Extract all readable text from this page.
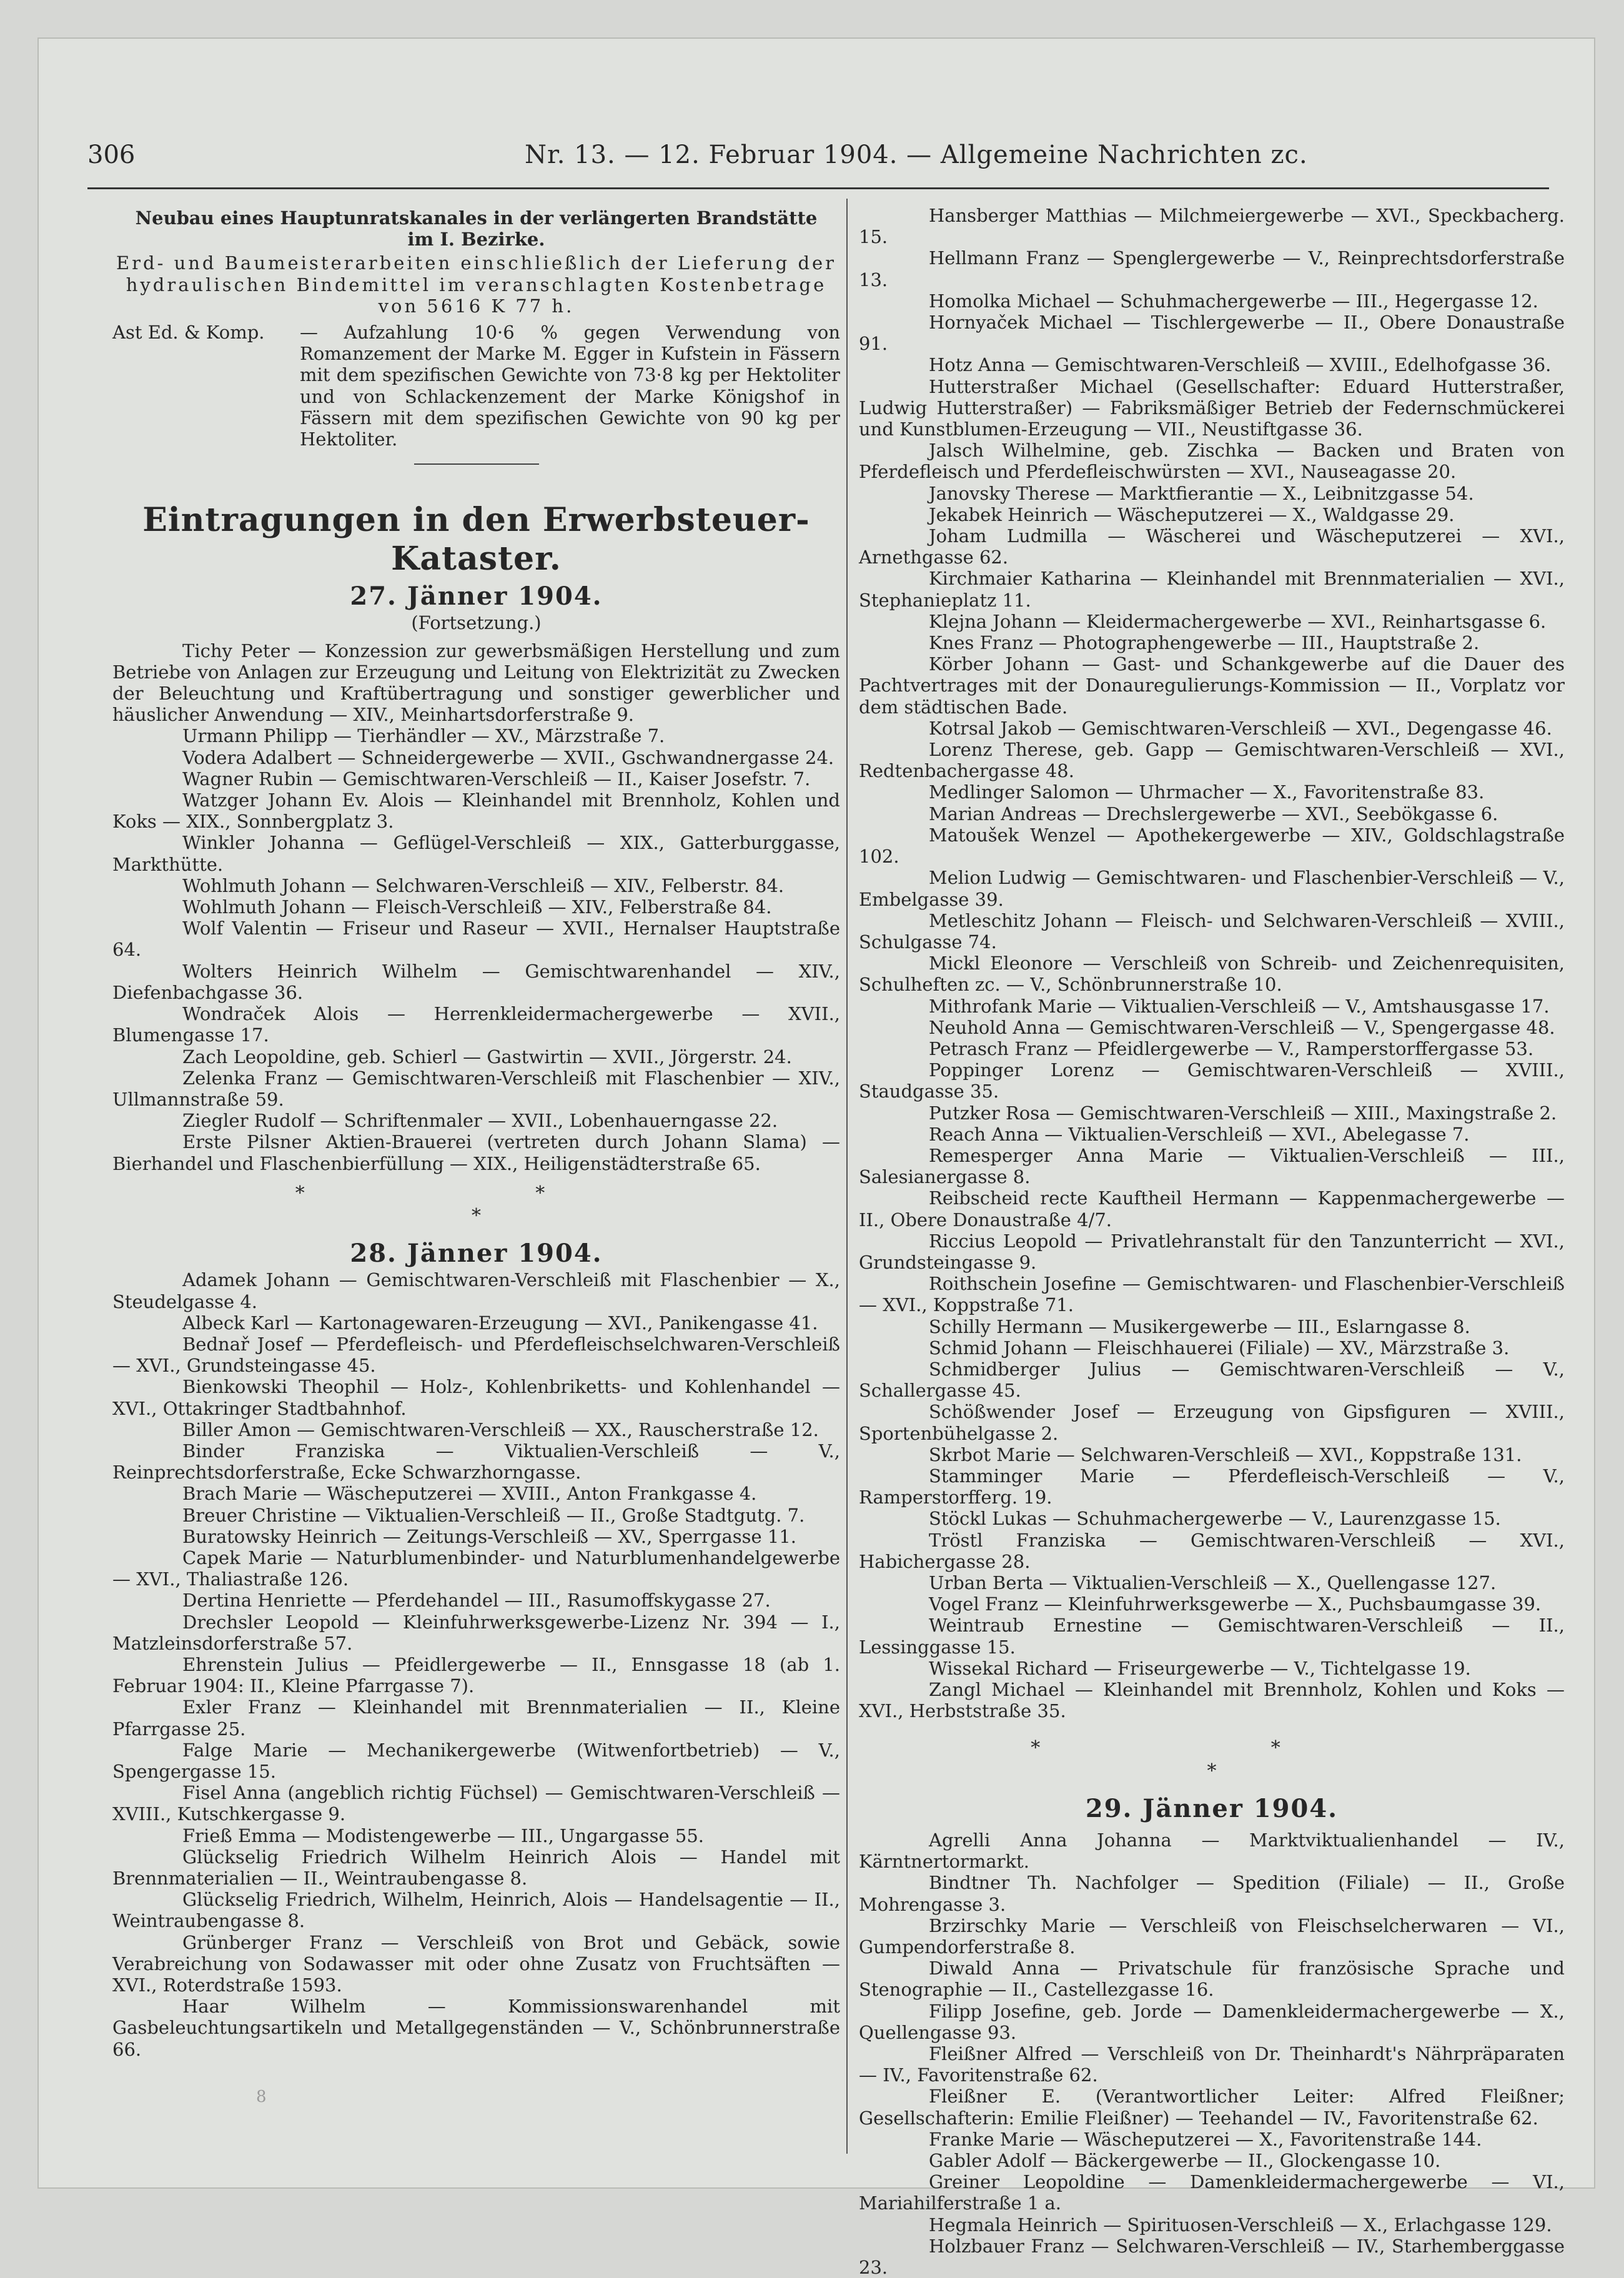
306	Nr. 13. — 12. Februar 1904. — Allgemeine Nachrichten zc.

Neubau eines Hauptunratskanales in der verlängerten Brandstätte im I. Bezirke.

Erd- und Baumeisterarbeiten einschließlich der Lieferung der hydraulischen Bindemittel im veranschlagten Kostenbetrage von 5616 K 77 h.

Ast Ed. & Komp.	— Aufzahlung 10·6 % gegen Verwendung von Romanzement der Marke M. Egger in Kufstein in Fässern mit dem spezifischen Gewichte von 73·8 kg per Hektoliter und von Schlackenzement der Marke Königshof in Fässern mit dem spezifischen Gewichte von 90 kg per Hektoliter.
Eintragungen in den Erwerbsteuer-Kataster.
27. Jänner 1904.

(Fortsetzung.)

Tichy Peter — Konzession zur gewerbsmäßigen Herstellung und zum Betriebe von Anlagen zur Erzeugung und Leitung von Elektrizität zu Zwecken der Beleuchtung und Kraftübertragung und sonstiger gewerblicher und häuslicher Anwendung — XIV., Meinhartsdorferstraße 9.

Urmann Philipp — Tierhändler — XV., Märzstraße 7.

Vodera Adalbert — Schneidergewerbe — XVII., Gschwandnergasse 24.

Wagner Rubin — Gemischtwaren-Verschleiß — II., Kaiser Josefstr. 7.

Watzger Johann Ev. Alois — Kleinhandel mit Brennholz, Kohlen und Koks — XIX., Sonnbergplatz 3.

Winkler Johanna — Geflügel-Verschleiß — XIX., Gatterburggasse, Markthütte.

Wohlmuth Johann — Selchwaren-Verschleiß — XIV., Felberstr. 84.

Wohlmuth Johann — Fleisch-Verschleiß — XIV., Felberstraße 84.

Wolf Valentin — Friseur und Raseur — XVII., Hernalser Hauptstraße 64.

Wolters Heinrich Wilhelm — Gemischtwarenhandel — XIV., Diefenbachgasse 36.

Wondraček Alois — Herrenkleidermachergewerbe — XVII., Blumengasse 17.

Zach Leopoldine, geb. Schierl — Gastwirtin — XVII., Jörgerstr. 24.

Zelenka Franz — Gemischtwaren-Verschleiß mit Flaschenbier — XIV., Ullmannstraße 59.

Ziegler Rudolf — Schriftenmaler — XVII., Lobenhauerngasse 22.

Erste Pilsner Aktien-Brauerei (vertreten durch Johann Slama) — Bierhandel und Flaschenbierfüllung — XIX., Heiligenstädterstraße 65.

* *
*
28. Jänner 1904.

Adamek Johann — Gemischtwaren-Verschleiß mit Flaschenbier — X., Steudelgasse 4.

Albeck Karl — Kartonagewaren-Erzeugung — XVI., Panikengasse 41.

Bednař Josef — Pferdefleisch- und Pferdefleischselchwaren-Verschleiß — XVI., Grundsteingasse 45.

Bienkowski Theophil — Holz-, Kohlenbriketts- und Kohlenhandel — XVI., Ottakringer Stadtbahnhof.

Biller Amon — Gemischtwaren-Verschleiß — XX., Rauscherstraße 12.

Binder Franziska — Viktualien-Verschleiß — V., Reinprechtsdorferstraße, Ecke Schwarzhorngasse.

Brach Marie — Wäscheputzerei — XVIII., Anton Frankgasse 4.

Breuer Christine — Viktualien-Verschleiß — II., Große Stadtgutg. 7.

Buratowsky Heinrich — Zeitungs-Verschleiß — XV., Sperrgasse 11.

Capek Marie — Naturblumenbinder- und Naturblumenhandelgewerbe — XVI., Thaliastraße 126.

Dertina Henriette — Pferdehandel — III., Rasumoffskygasse 27.

Drechsler Leopold — Kleinfuhrwerksgewerbe-Lizenz Nr. 394 — I., Matzleinsdorferstraße 57.

Ehrenstein Julius — Pfeidlergewerbe — II., Ennsgasse 18 (ab 1. Februar 1904: II., Kleine Pfarrgasse 7).

Exler Franz — Kleinhandel mit Brennmaterialien — II., Kleine Pfarrgasse 25.

Falge Marie — Mechanikergewerbe (Witwenfortbetrieb) — V., Spengergasse 15.

Fisel Anna (angeblich richtig Füchsel) — Gemischtwaren-Verschleiß — XVIII., Kutschkergasse 9.

Frieß Emma — Modistengewerbe — III., Ungargasse 55.

Glückselig Friedrich Wilhelm Heinrich Alois — Handel mit Brennmaterialien — II., Weintraubengasse 8.

Glückselig Friedrich, Wilhelm, Heinrich, Alois — Handelsagentie — II., Weintraubengasse 8.

Grünberger Franz — Verschleiß von Brot und Gebäck, sowie Verabreichung von Sodawasser mit oder ohne Zusatz von Fruchtsäften — XVI., Roterdstraße 1593.

Haar Wilhelm — Kommissionswarenhandel mit Gasbeleuchtungsartikeln und Metallgegenständen — V., Schönbrunnerstraße 66.

Hansberger Matthias — Milchmeiergewerbe — XVI., Speckbacherg. 15.

Hellmann Franz — Spenglergewerbe — V., Reinprechtsdorferstraße 13.

Homolka Michael — Schuhmachergewerbe — III., Hegergasse 12.

Hornyaček Michael — Tischlergewerbe — II., Obere Donaustraße 91.

Hotz Anna — Gemischtwaren-Verschleiß — XVIII., Edelhofgasse 36.

Hutterstraßer Michael (Gesellschafter: Eduard Hutterstraßer, Ludwig Hutterstraßer) — Fabriksmäßiger Betrieb der Federnschmückerei und Kunstblumen-Erzeugung — VII., Neustiftgasse 36.

Jalsch Wilhelmine, geb. Zischka — Backen und Braten von Pferdefleisch und Pferdefleischwürsten — XVI., Nauseagasse 20.

Janovsky Therese — Marktfierantie — X., Leibnitzgasse 54.

Jekabek Heinrich — Wäscheputzerei — X., Waldgasse 29.

Joham Ludmilla — Wäscherei und Wäscheputzerei — XVI., Arnethgasse 62.

Kirchmaier Katharina — Kleinhandel mit Brennmaterialien — XVI., Stephanieplatz 11.

Klejna Johann — Kleidermachergewerbe — XVI., Reinhartsgasse 6.

Knes Franz — Photographengewerbe — III., Hauptstraße 2.

Körber Johann — Gast- und Schankgewerbe auf die Dauer des Pachtvertrages mit der Donauregulierungs-Kommission — II., Vorplatz vor dem städtischen Bade.

Kotrsal Jakob — Gemischtwaren-Verschleiß — XVI., Degengasse 46.

Lorenz Therese, geb. Gapp — Gemischtwaren-Verschleiß — XVI., Redtenbachergasse 48.

Medlinger Salomon — Uhrmacher — X., Favoritenstraße 83.

Marian Andreas — Drechslergewerbe — XVI., Seebökgasse 6.

Matoušek Wenzel — Apothekergewerbe — XIV., Goldschlagstraße 102.

Melion Ludwig — Gemischtwaren- und Flaschenbier-Verschleiß — V., Embelgasse 39.

Metleschitz Johann — Fleisch- und Selchwaren-Verschleiß — XVIII., Schulgasse 74.

Mickl Eleonore — Verschleiß von Schreib- und Zeichenrequisiten, Schulheften zc. — V., Schönbrunnerstraße 10.

Mithrofank Marie — Viktualien-Verschleiß — V., Amtshausgasse 17.

Neuhold Anna — Gemischtwaren-Verschleiß — V., Spengergasse 48.

Petrasch Franz — Pfeidlergewerbe — V., Ramperstorffergasse 53.

Poppinger Lorenz — Gemischtwaren-Verschleiß — XVIII., Staudgasse 35.

Putzker Rosa — Gemischtwaren-Verschleiß — XIII., Maxingstraße 2.

Reach Anna — Viktualien-Verschleiß — XVI., Abelegasse 7.

Remesperger Anna Marie — Viktualien-Verschleiß — III., Salesianergasse 8.

Reibscheid recte Kauftheil Hermann — Kappenmachergewerbe — II., Obere Donaustraße 4/7.

Riccius Leopold — Privatlehranstalt für den Tanzunterricht — XVI., Grundsteingasse 9.

Roithschein Josefine — Gemischtwaren- und Flaschenbier-Verschleiß — XVI., Koppstraße 71.

Schilly Hermann — Musikergewerbe — III., Eslarngasse 8.

Schmid Johann — Fleischhauerei (Filiale) — XV., Märzstraße 3.

Schmidberger Julius — Gemischtwaren-Verschleiß — V., Schallergasse 45.

Schößwender Josef — Erzeugung von Gipsfiguren — XVIII., Sportenbühelgasse 2.

Skrbot Marie — Selchwaren-Verschleiß — XVI., Koppstraße 131.

Stamminger Marie — Pferdefleisch-Verschleiß — V., Ramperstorfferg. 19.

Stöckl Lukas — Schuhmachergewerbe — V., Laurenzgasse 15.

Tröstl Franziska — Gemischtwaren-Verschleiß — XVI., Habichergasse 28.

Urban Berta — Viktualien-Verschleiß — X., Quellengasse 127.

Vogel Franz — Kleinfuhrwerksgewerbe — X., Puchsbaumgasse 39.

Weintraub Ernestine — Gemischtwaren-Verschleiß — II., Lessinggasse 15.

Wissekal Richard — Friseurgewerbe — V., Tichtelgasse 19.

Zangl Michael — Kleinhandel mit Brennholz, Kohlen und Koks — XVI., Herbststraße 35.

* *
*
29. Jänner 1904.

Agrelli Anna Johanna — Marktviktualienhandel — IV., Kärntnertormarkt.

Bindtner Th. Nachfolger — Spedition (Filiale) — II., Große Mohrengasse 3.

Brzirschky Marie — Verschleiß von Fleischselcherwaren — VI., Gumpendorferstraße 8.

Diwald Anna — Privatschule für französische Sprache und Stenographie — II., Castellezgasse 16.

Filipp Josefine, geb. Jorde — Damenkleidermachergewerbe — X., Quellengasse 93.

Fleißner Alfred — Verschleiß von Dr. Theinhardt's Nährpräparaten — IV., Favoritenstraße 62.

Fleißner E. (Verantwortlicher Leiter: Alfred Fleißner; Gesellschafterin: Emilie Fleißner) — Teehandel — IV., Favoritenstraße 62.

Franke Marie — Wäscheputzerei — X., Favoritenstraße 144.

Gabler Adolf — Bäckergewerbe — II., Glockengasse 10.

Greiner Leopoldine — Damenkleidermachergewerbe — VI., Mariahilferstraße 1 a.

Hegmala Heinrich — Spirituosen-Verschleiß — X., Erlachgasse 129.

Holzbauer Franz — Selchwaren-Verschleiß — IV., Starhemberggasse 23.

8
